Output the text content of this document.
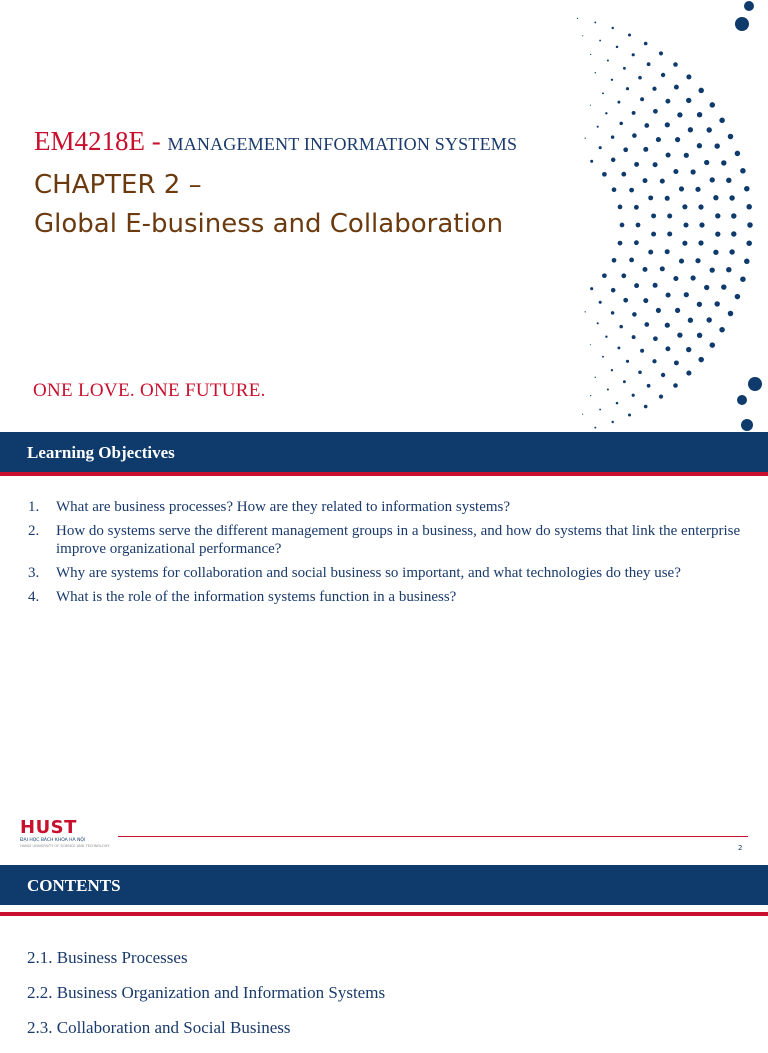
EM4218E - MANAGEMENT INFORMATION SYSTEMS
CHAPTER 2 –
Global E-business and Collaboration
ONE LOVE. ONE FUTURE.
Learning Objectives
1. What are business processes? How are they related to information systems?
2. How do systems serve the different management groups in a business, and how do systems that link the enterprise improve organizational performance?
3. Why are systems for collaboration and social business so important, and what technologies do they use?
4. What is the role of the information systems function in a business?
HUST
ĐẠI HỌC BÁCH KHOA HÀ NỘI
HANOI UNIVERSITY OF SCIENCE AND TECHNOLOGY	2
CONTENTS
2.1. Business Processes
2.2. Business Organization and Information Systems
2.3. Collaboration and Social Business
